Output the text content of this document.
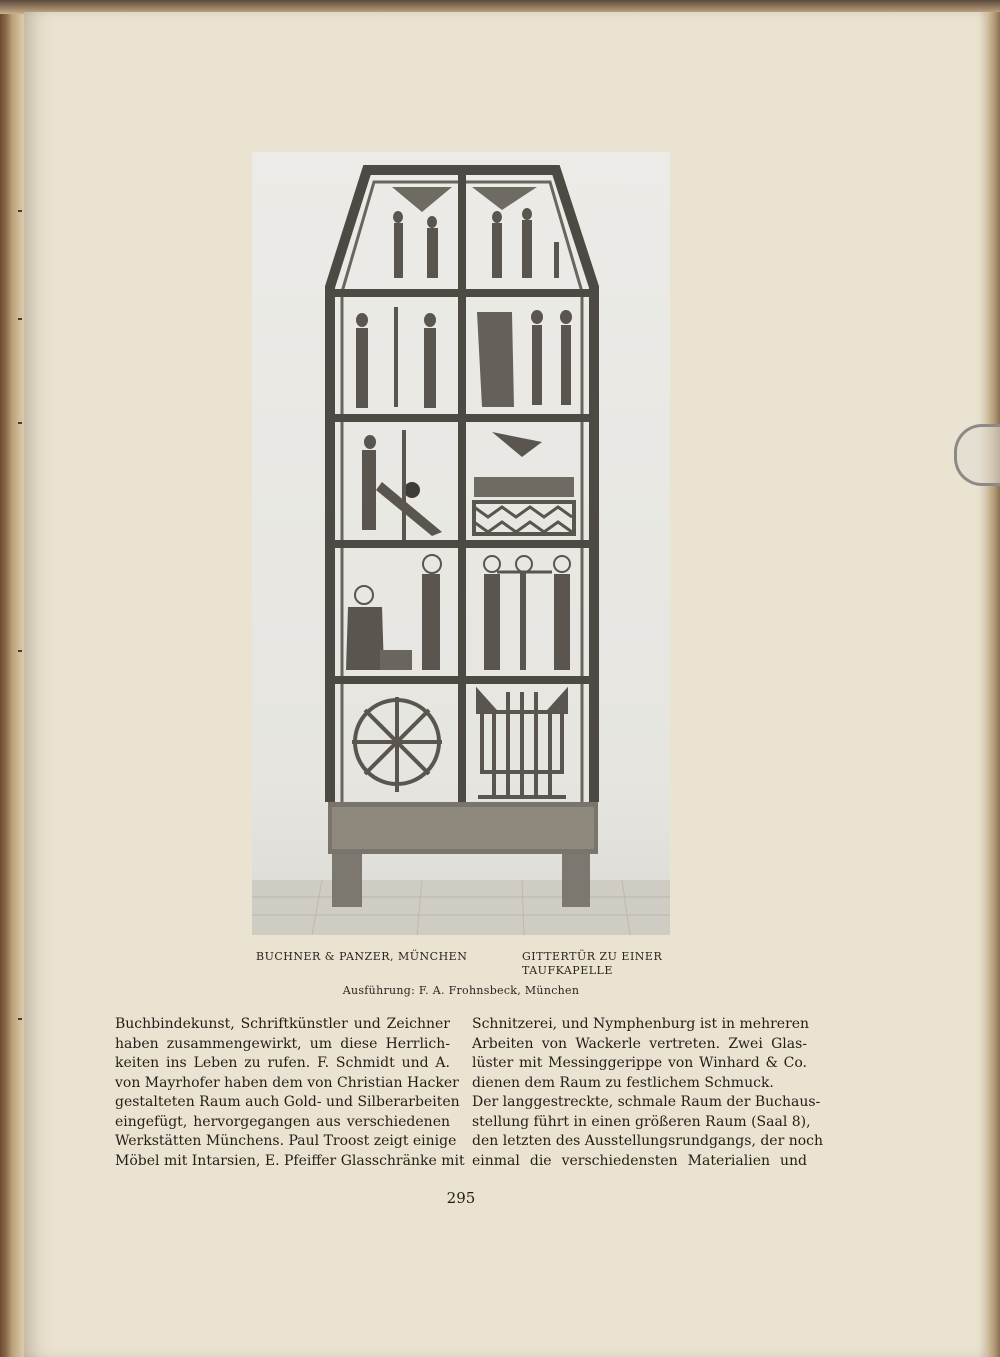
BUCHNER & PANZER, MÜNCHEN	GITTERTÜR ZU EINER
TAUFKAPELLE
Ausführung: F. A. Frohnsbeck, München
Buchbindekunst, Schriftkünstler und Zeichner
haben zusammengewirkt, um diese Herrlich-
keiten ins Leben zu rufen. F. Schmidt und A.
von Mayrhofer haben dem von Christian Hacker
gestalteten Raum auch Gold- und Silberarbeiten
eingefügt, hervorgegangen aus verschiedenen
Werkstätten Münchens. Paul Troost zeigt einige
Möbel mit Intarsien, E. Pfeiffer Glasschränke mit
Schnitzerei, und Nymphenburg ist in mehreren
Arbeiten von Wackerle vertreten. Zwei Glas-
lüster mit Messinggerippe von Winhard & Co.
dienen dem Raum zu festlichem Schmuck.
Der langgestreckte, schmale Raum der Buchaus-
stellung führt in einen größeren Raum (Saal 8),
den letzten des Ausstellungsrundgangs, der noch
einmal die verschiedensten Materialien und
295
